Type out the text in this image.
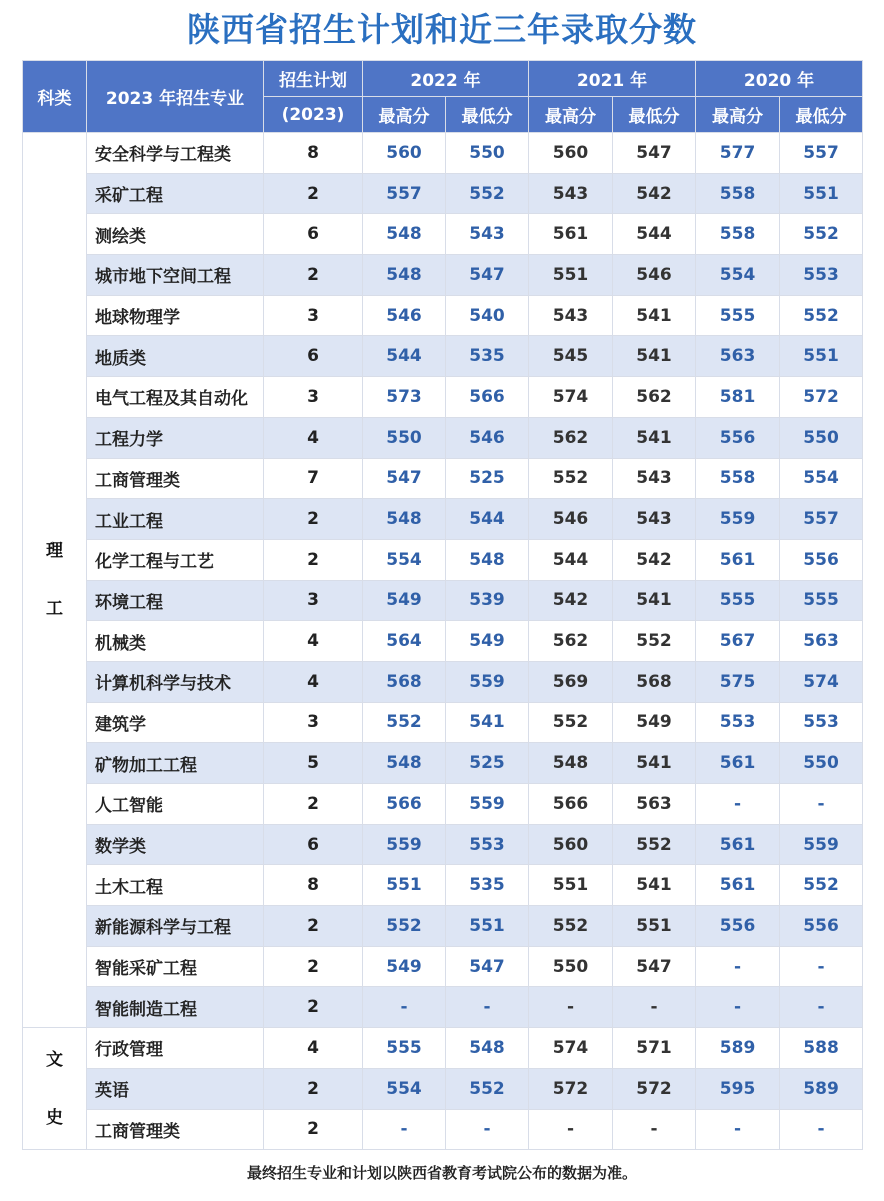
陕西省招生计划和近三年录取分数
科类	2023 年招生专业	招生计划	2022 年		2021 年		2020 年	
		(2023)	最高分	最低分	最高分	最低分	最高分	最低分

理
工	安全科学与工程类	8	560	550	560	547	577	557
	采矿工程	2	557	552	543	542	558	551
	测绘类	6	548	543	561	544	558	552
	城市地下空间工程	2	548	547	551	546	554	553
	地球物理学	3	546	540	543	541	555	552
	地质类	6	544	535	545	541	563	551
	电气工程及其自动化	3	573	566	574	562	581	572
	工程力学	4	550	546	562	541	556	550
	工商管理类	7	547	525	552	543	558	554
	工业工程	2	548	544	546	543	559	557
	化学工程与工艺	2	554	548	544	542	561	556
	环境工程	3	549	539	542	541	555	555
	机械类	4	564	549	562	552	567	563
	计算机科学与技术	4	568	559	569	568	575	574
	建筑学	3	552	541	552	549	553	553
	矿物加工工程	5	548	525	548	541	561	550
	人工智能	2	566	559	566	563	-	-
	数学类	6	559	553	560	552	561	559
	土木工程	8	551	535	551	541	561	552
	新能源科学与工程	2	552	551	552	551	556	556
	智能采矿工程	2	549	547	550	547	-	-
	智能制造工程	2	-	-	-	-	-	-

文
史	行政管理	4	555	548	574	571	589	588
	英语	2	554	552	572	572	595	589
	工商管理类	2	-	-	-	-	-	-
最终招生专业和计划以陕西省教育考试院公布的数据为准。
